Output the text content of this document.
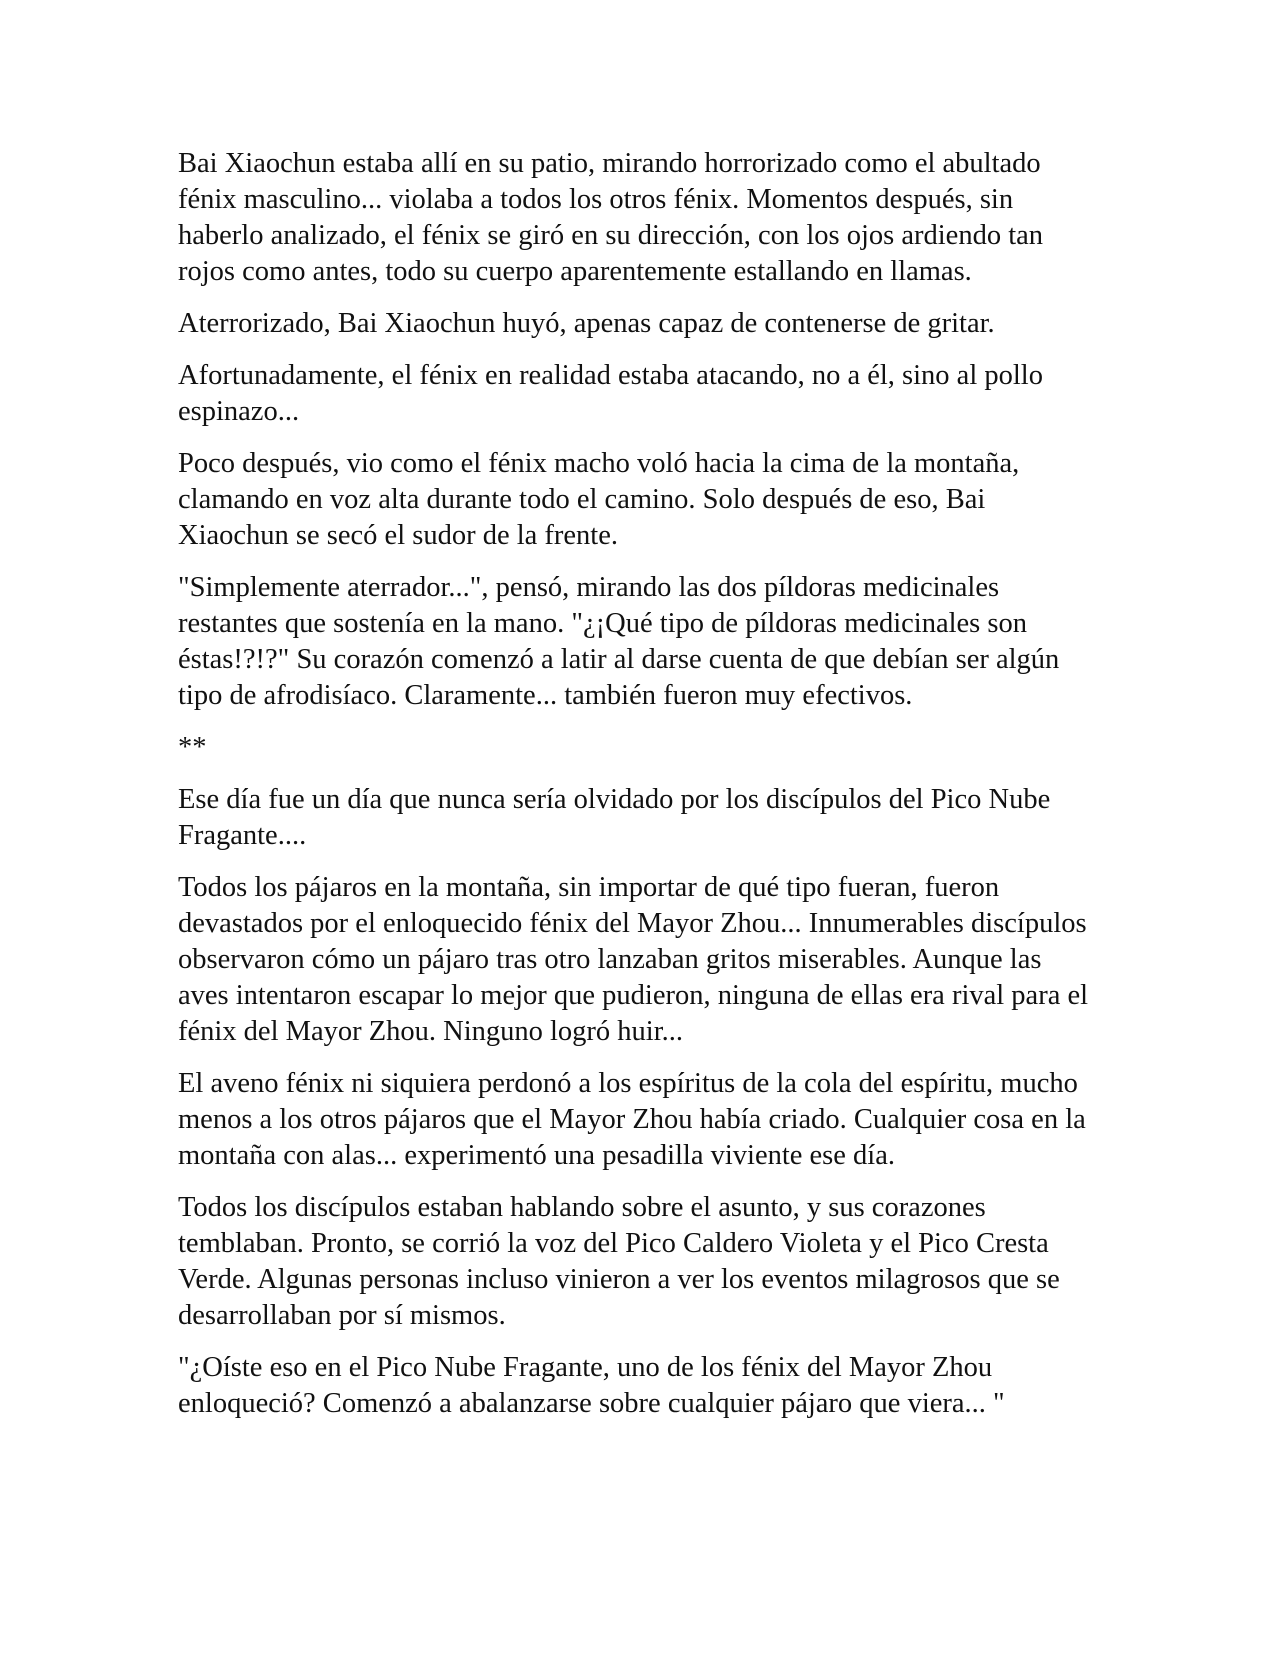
Bai Xiaochun estaba allí en su patio, mirando horrorizado como el abultado fénix masculino... violaba a todos los otros fénix. Momentos después, sin haberlo analizado, el fénix se giró en su dirección, con los ojos ardiendo tan rojos como antes, todo su cuerpo aparentemente estallando en llamas.

Aterrorizado, Bai Xiaochun huyó, apenas capaz de contenerse de gritar.

Afortunadamente, el fénix en realidad estaba atacando, no a él, sino al pollo espinazo...

Poco después, vio como el fénix macho voló hacia la cima de la montaña, clamando en voz alta durante todo el camino. Solo después de eso, Bai Xiaochun se secó el sudor de la frente.

"Simplemente aterrador...", pensó, mirando las dos píldoras medicinales restantes que sostenía en la mano. "¿¡Qué tipo de píldoras medicinales son éstas!?!?" Su corazón comenzó a latir al darse cuenta de que debían ser algún tipo de afrodisíaco. Claramente... también fueron muy efectivos.

**

Ese día fue un día que nunca sería olvidado por los discípulos del Pico Nube Fragante....

Todos los pájaros en la montaña, sin importar de qué tipo fueran, fueron devastados por el enloquecido fénix del Mayor Zhou... Innumerables discípulos observaron cómo un pájaro tras otro lanzaban gritos miserables. Aunque las aves intentaron escapar lo mejor que pudieron, ninguna de ellas era rival para el fénix del Mayor Zhou. Ninguno logró huir...

El aveno fénix ni siquiera perdonó a los espíritus de la cola del espíritu, mucho menos a los otros pájaros que el Mayor Zhou había criado. Cualquier cosa en la montaña con alas... experimentó una pesadilla viviente ese día.

Todos los discípulos estaban hablando sobre el asunto, y sus corazones temblaban. Pronto, se corrió la voz del Pico Caldero Violeta y el Pico Cresta Verde. Algunas personas incluso vinieron a ver los eventos milagrosos que se desarrollaban por sí mismos.

"¿Oíste eso en el Pico Nube Fragante, uno de los fénix del Mayor Zhou enloqueció? Comenzó a abalanzarse sobre cualquier pájaro que viera... "
